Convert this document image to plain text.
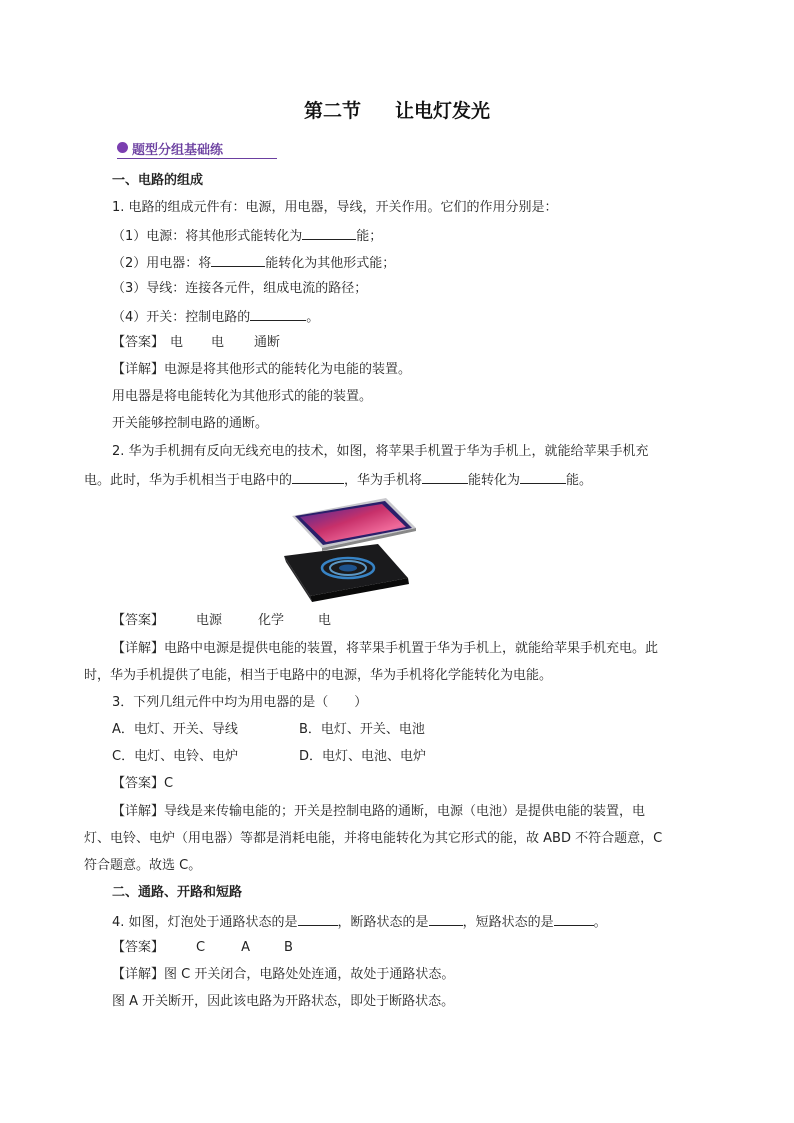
第二节 让电灯发光
题型分组基础练
一、电路的组成
1. 电路的组成元件有：电源，用电器，导线，开关作用。它们的作用分别是：
（1）电源：将其他形式能转化为	能；
（2）用电器：将	能转化为其他形式能；
（3）导线：连接各元件，组成电流的路径；
（4）开关：控制电路的	。
【答案】 电 电 通断
【详解】电源是将其他形式的能转化为电能的装置。
用电器是将电能转化为其他形式的能的装置。
开关能够控制电路的通断。
2. 华为手机拥有反向无线充电的技术，如图，将苹果手机置于华为手机上，就能给苹果手机充
电。此时，华为手机相当于电路中的	，华为手机将	能转化为	能。
【答案】 电源	化学	电
【详解】电路中电源是提供电能的装置，将苹果手机置于华为手机上，就能给苹果手机充电。此
时，华为手机提供了电能，相当于电路中的电源，华为手机将化学能转化为电能。
3．下列几组元件中均为用电器的是（　　）
A．电灯、开关、导线	B．电灯、开关、电池
C．电灯、电铃、电炉	D．电灯、电池、电炉
【答案】C
【详解】导线是来传输电能的；开关是控制电路的通断，电源（电池）是提供电能的装置，电
灯、电铃、电炉（用电器）等都是消耗电能，并将电能转化为其它形式的能，故 ABD 不符合题意，C
符合题意。故选 C。
二、通路、开路和短路
4. 如图，灯泡处于通路状态的是	，断路状态的是	，短路状态的是	。
【答案】 C	A	B
【详解】图 C 开关闭合，电路处处连通，故处于通路状态。
图 A 开关断开，因此该电路为开路状态，即处于断路状态。
